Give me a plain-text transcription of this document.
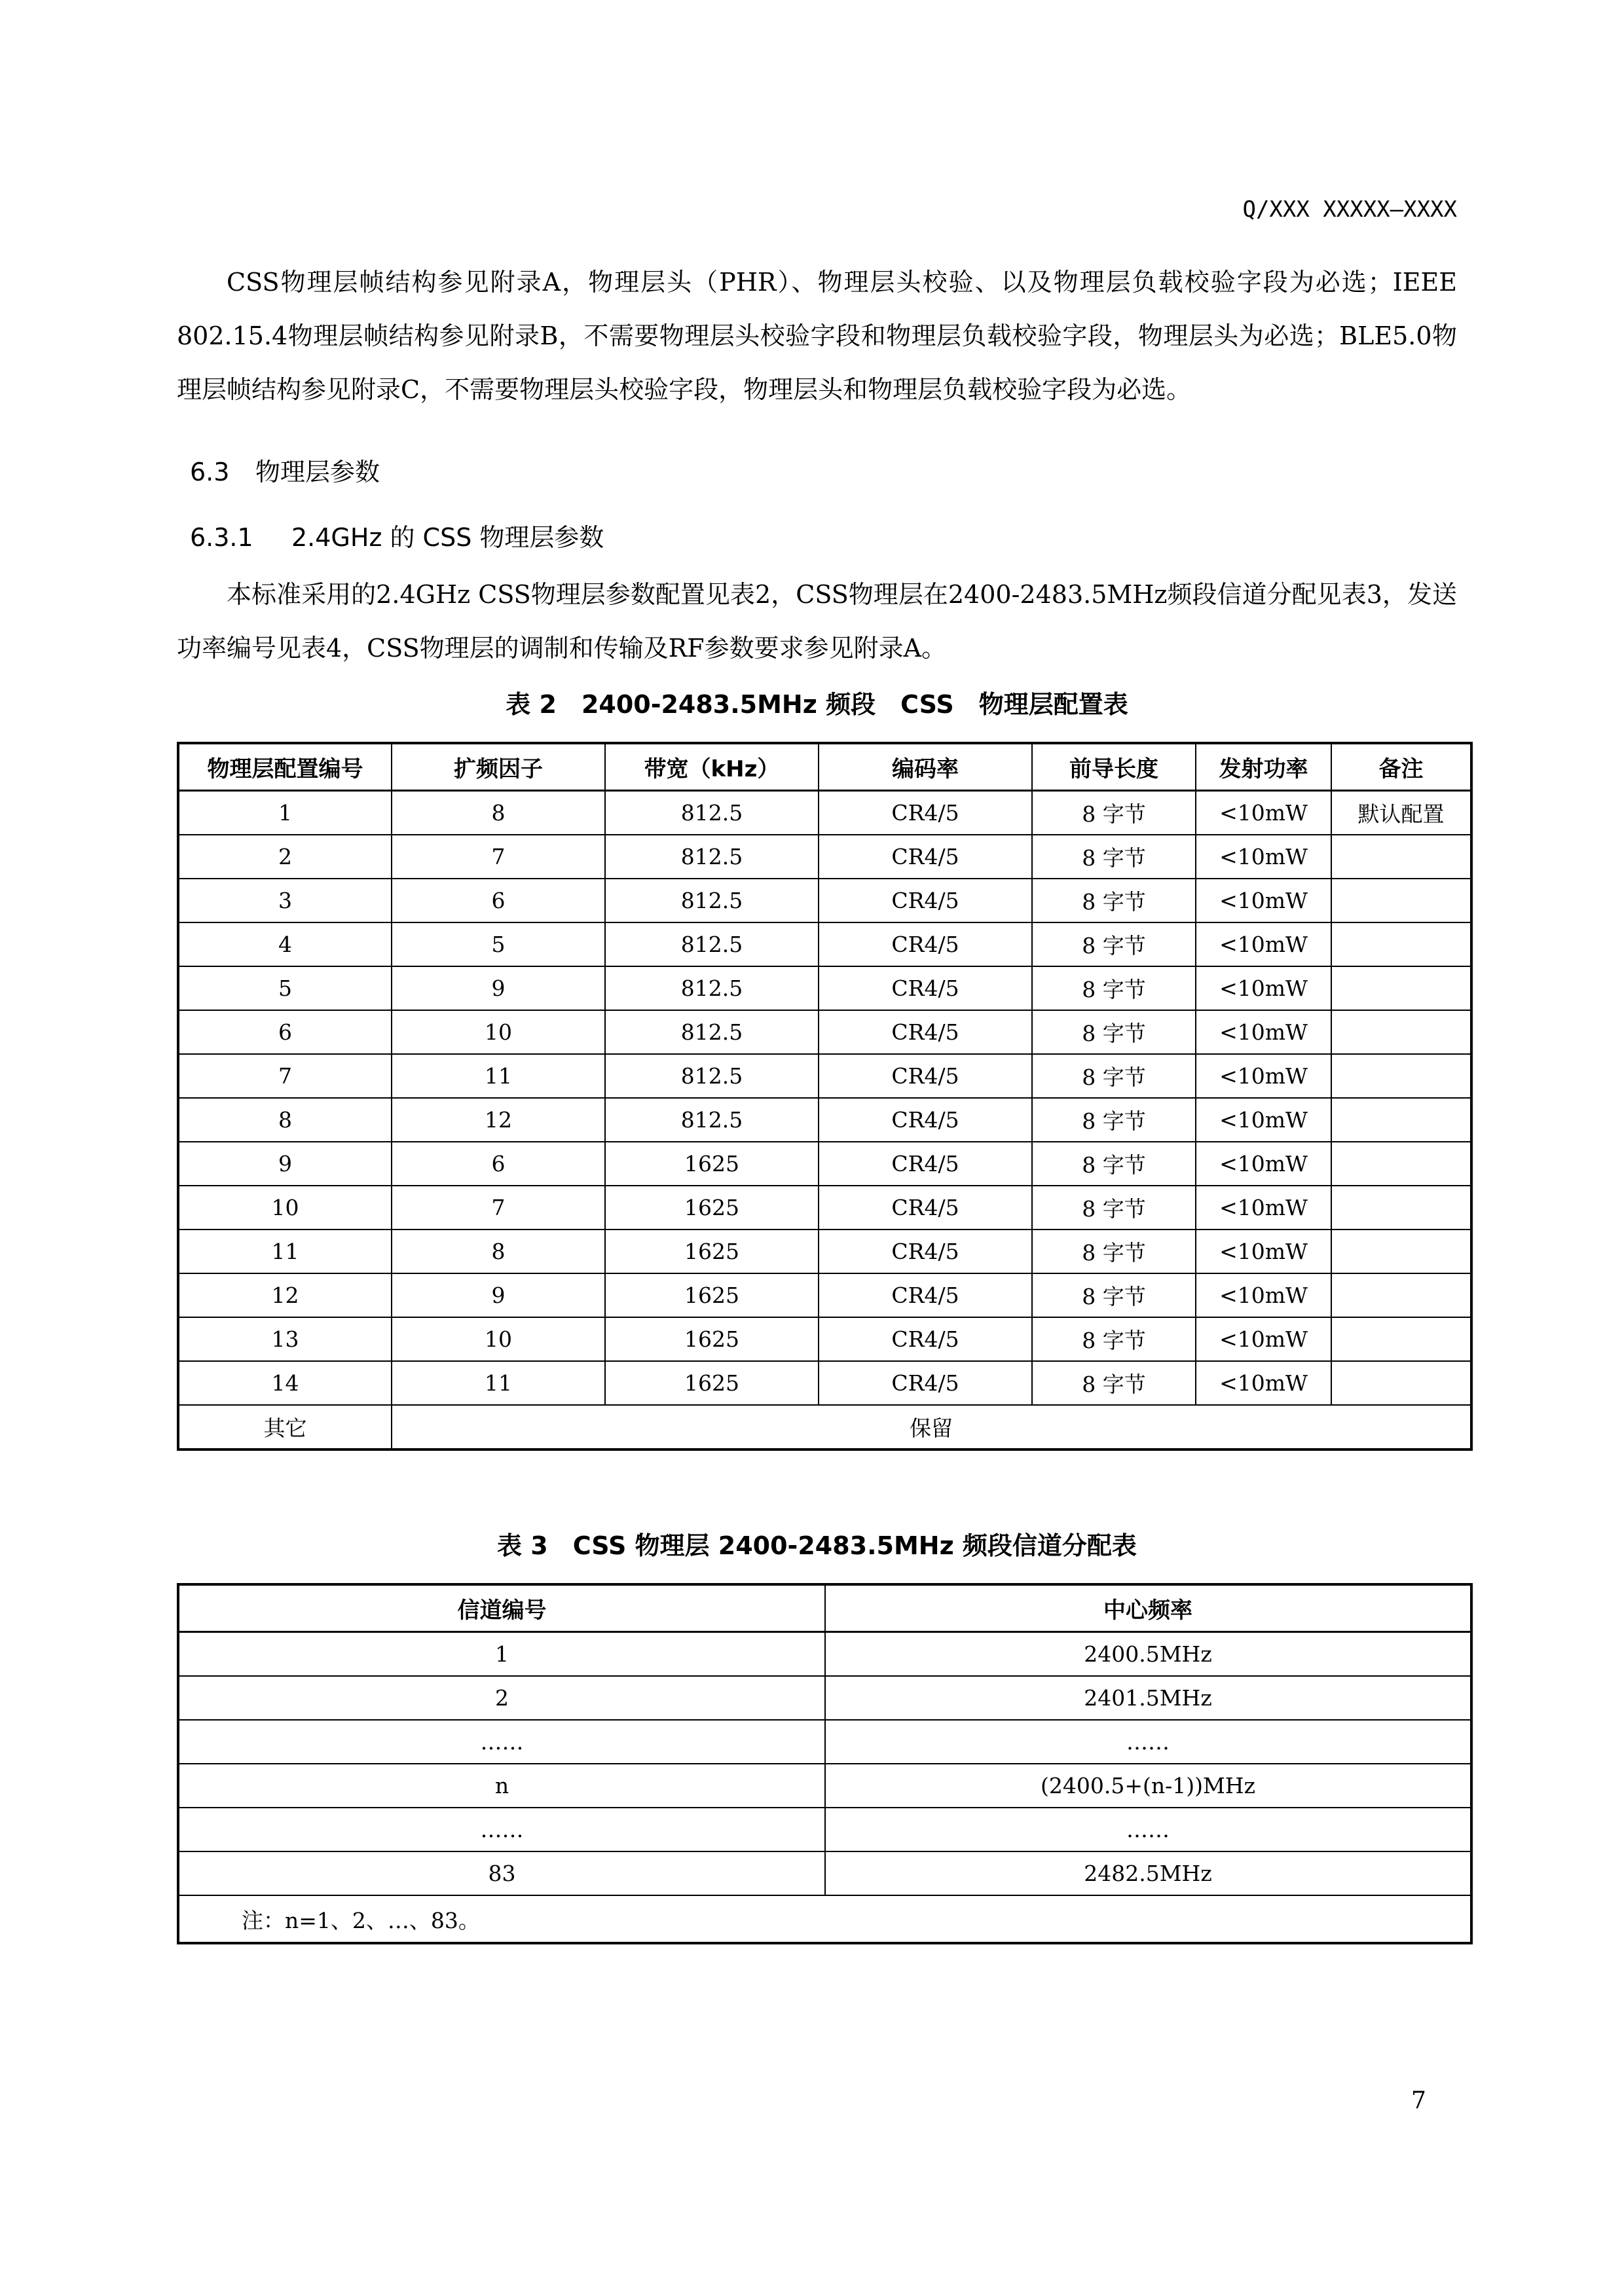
Q/XXX XXXXX—XXXX

CSS物理层帧结构参见附录A，物理层头（PHR）、物理层头校验、以及物理层负载校验字段为必选；IEEE 802.15.4物理层帧结构参见附录B，不需要物理层头校验字段和物理层负载校验字段，物理层头为必选；BLE5.0物理层帧结构参见附录C，不需要物理层头校验字段，物理层头和物理层负载校验字段为必选。

6.3 物理层参数
6.3.1 2.4GHz 的 CSS 物理层参数

本标准采用的2.4GHz CSS物理层参数配置见表2，CSS物理层在2400-2483.5MHz频段信道分配见表3，发送功率编号见表4，CSS物理层的调制和传输及RF参数要求参见附录A。

表 2　2400-2483.5MHz 频段　CSS　物理层配置表
物理层配置编号	扩频因子	带宽（kHz）	编码率	前导长度	发射功率	备注
1	8	812.5	CR4/5	8 字节	<10mW	默认配置
2	7	812.5	CR4/5	8 字节	<10mW	
3	6	812.5	CR4/5	8 字节	<10mW	
4	5	812.5	CR4/5	8 字节	<10mW	
5	9	812.5	CR4/5	8 字节	<10mW	
6	10	812.5	CR4/5	8 字节	<10mW	
7	11	812.5	CR4/5	8 字节	<10mW	
8	12	812.5	CR4/5	8 字节	<10mW	
9	6	1625	CR4/5	8 字节	<10mW	
10	7	1625	CR4/5	8 字节	<10mW	
11	8	1625	CR4/5	8 字节	<10mW	
12	9	1625	CR4/5	8 字节	<10mW	
13	10	1625	CR4/5	8 字节	<10mW	
14	11	1625	CR4/5	8 字节	<10mW	
其它	保留					
表 3　CSS 物理层 2400-2483.5MHz 频段信道分配表
信道编号	中心频率
1	2400.5MHz
2	2401.5MHz
……	……
n	(2400.5+(n-1))MHz
……	……
83	2482.5MHz
注：n=1、2、…、83。	
7
